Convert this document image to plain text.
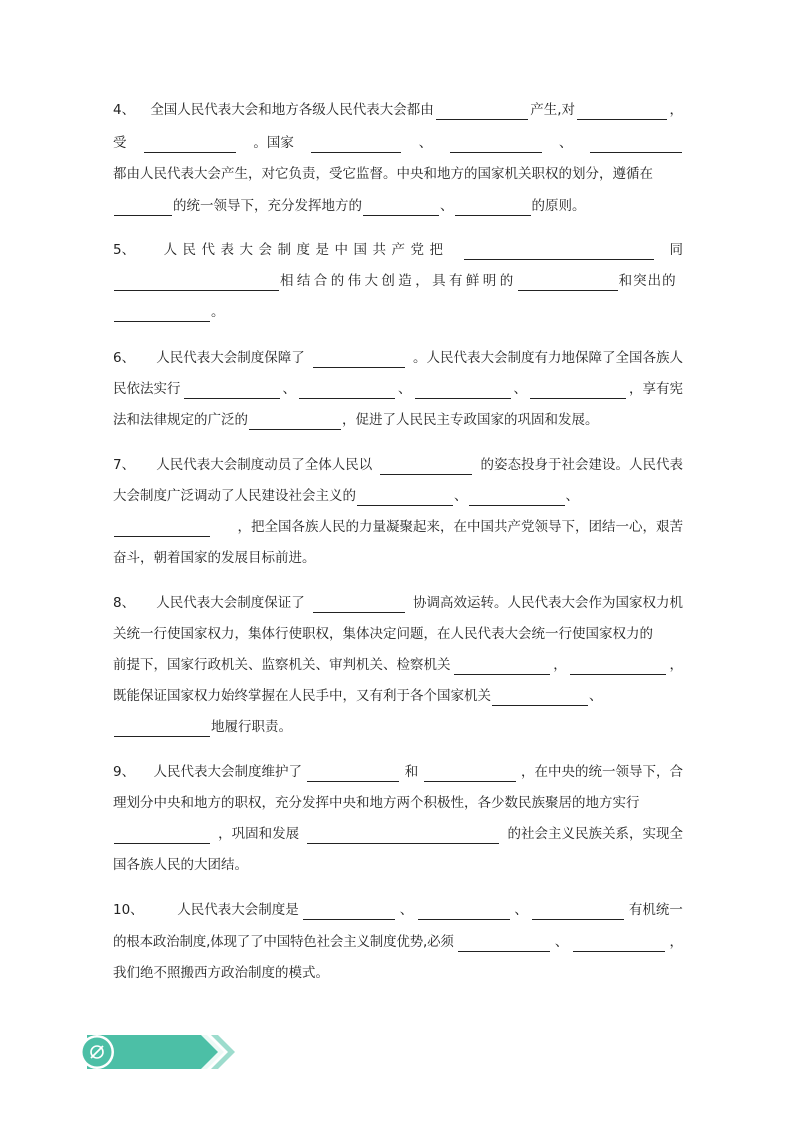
4、 全国人民代表大会和地方各级人民代表大会都由	产生,对	，
受	。国家	、	、
都由人民代表大会产生，对它负责，受它监督。中央和地方的国家机关职权的划分，遵循在
的统一领导下，充分发挥地方的	、	的原则。
5、 人民代表大会制度是中国共产党把	同
相结合的伟大创造，具有鲜明的	和突出的
。
6、 人民代表大会制度保障了	。人民代表大会制度有力地保障了全国各族人
民依法实行	、	、	、	，享有宪
法和法律规定的广泛的	，促进了人民民主专政国家的巩固和发展。
7、 人民代表大会制度动员了全体人民以	的姿态投身于社会建设。人民代表
大会制度广泛调动了人民建设社会主义的	、	、
，把全国各族人民的力量凝聚起来，在中国共产党领导下，团结一心，艰苦
奋斗，朝着国家的发展目标前进。
8、 人民代表大会制度保证了	协调高效运转。人民代表大会作为国家权力机
关统一行使国家权力，集体行使职权，集体决定问题，在人民代表大会统一行使国家权力的
前提下，国家行政机关、监察机关、审判机关、检察机关	，	，
既能保证国家权力始终掌握在人民手中，又有利于各个国家机关	、
地履行职责。
9、 人民代表大会制度维护了	和	，在中央的统一领导下，合
理划分中央和地方的职权，充分发挥中央和地方两个积极性，各少数民族聚居的地方实行
，巩固和发展	的社会主义民族关系，实现全
国各族人民的大团结。
10、 人民代表大会制度是	、	、	有机统一
的根本政治制度,体现了了中国特色社会主义制度优势,必须	、	，
我们绝不照搬西方政治制度的模式。
